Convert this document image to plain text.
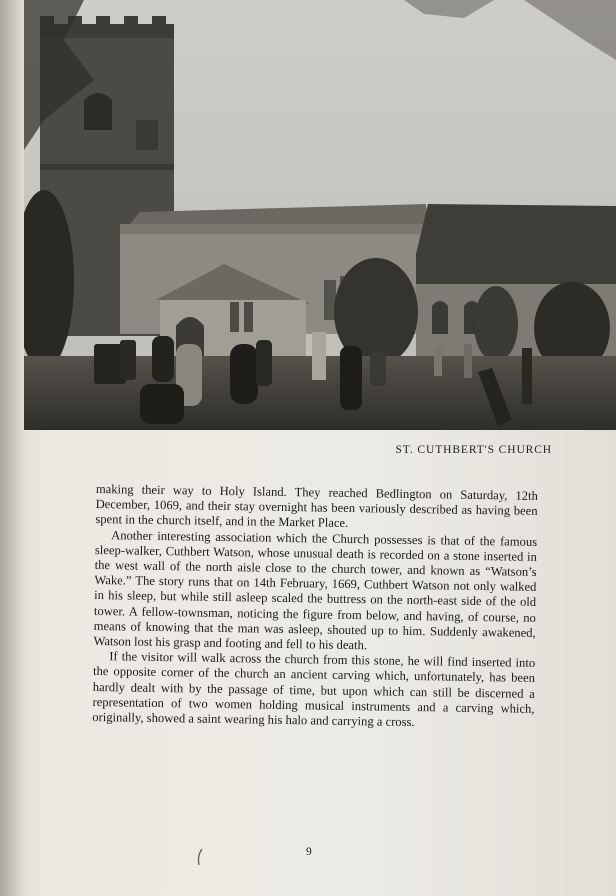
ST. CUTHBERT'S CHURCH

making their way to Holy Island. They reached Bedlington on Saturday, 12th December, 1069, and their stay overnight has been variously described as having been spent in the church itself, and in the Market Place.

Another interesting association which the Church possesses is that of the famous sleep-walker, Cuthbert Watson, whose unusual death is recorded on a stone inserted in the west wall of the north aisle close to the church tower, and known as “Watson’s Wake.” The story runs that on 14th February, 1669, Cuthbert Watson not only walked in his sleep, but while still asleep scaled the buttress on the north-east side of the old tower. A fellow-townsman, noticing the figure from below, and having, of course, no means of knowing that the man was asleep, shouted up to him. Suddenly awakened, Watson lost his grasp and footing and fell to his death.

If the visitor will walk across the church from this stone, he will find inserted into the opposite corner of the church an ancient carving which, unfortunately, has been hardly dealt with by the passage of time, but upon which can still be discerned a representation of two women holding musical instruments and a carving which, originally, showed a saint wearing his halo and carrying a cross.

9
